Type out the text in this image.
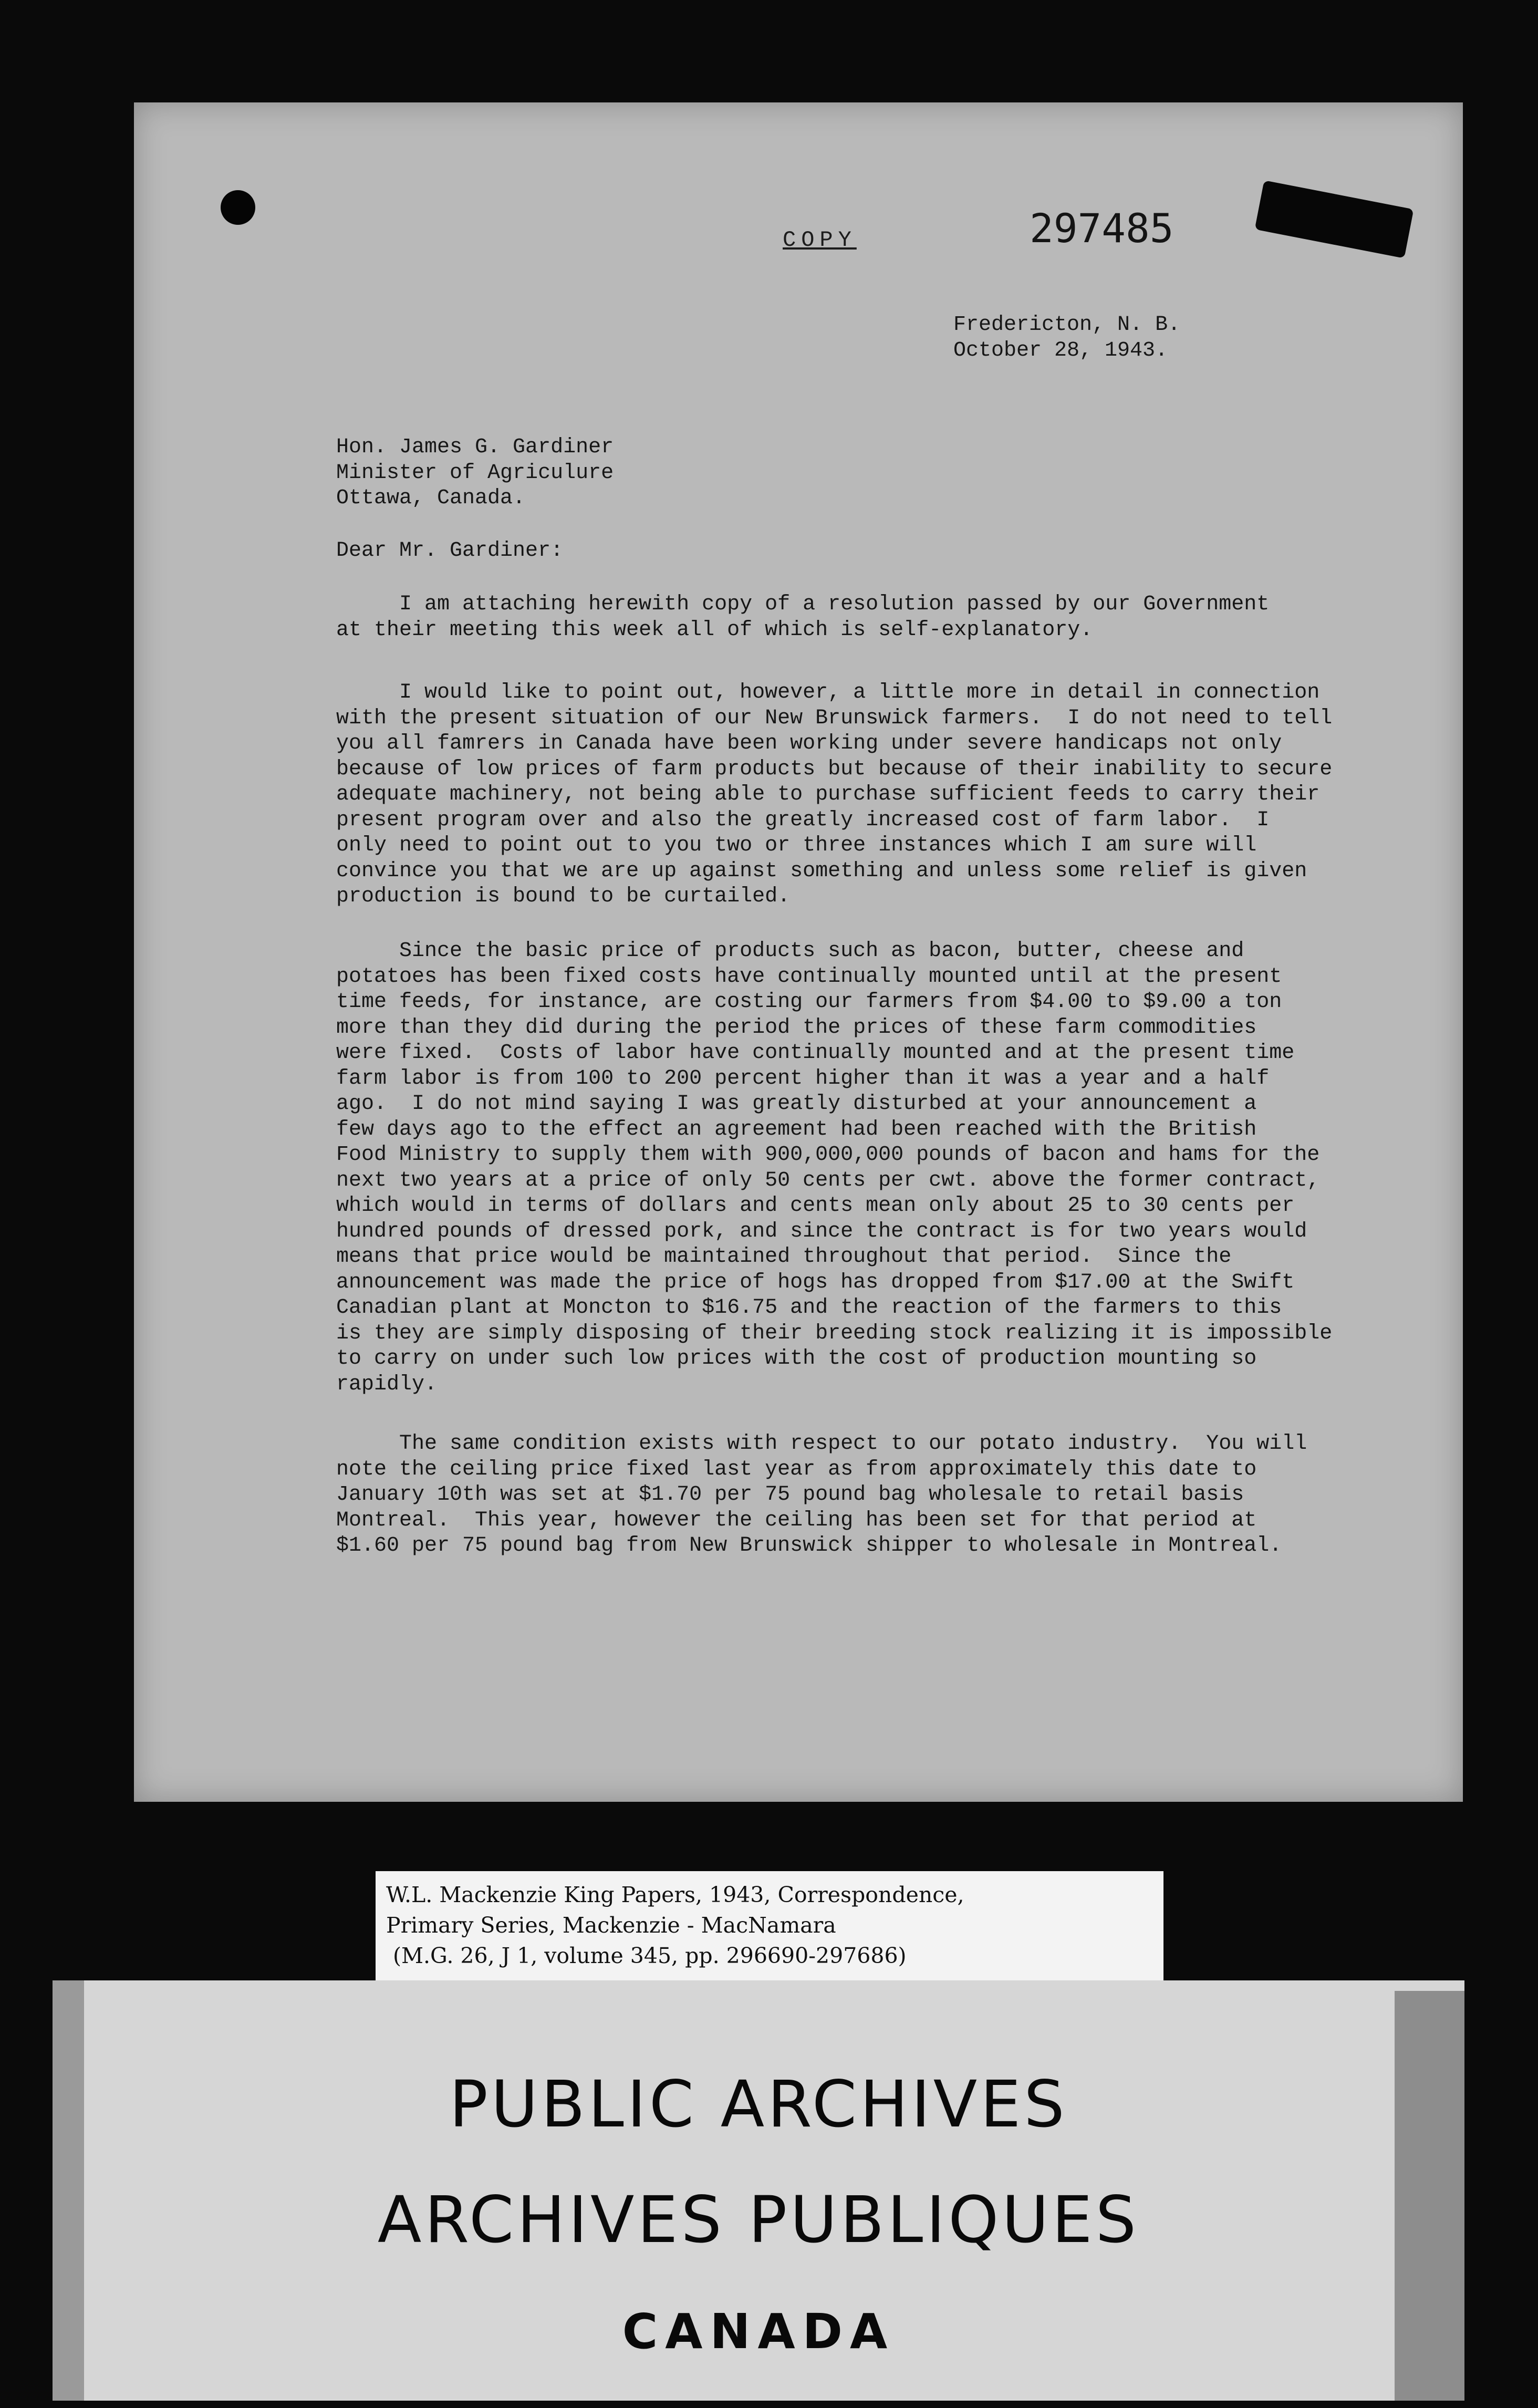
COPY	297485
Fredericton, N. B.
October 28, 1943.
Hon. James G. Gardiner
Minister of Agriculure
Ottawa, Canada.
Dear Mr. Gardiner:
I am attaching herewith copy of a resolution passed by our Government
at their meeting this week all of which is self-explanatory.
I would like to point out, however, a little more in detail in connection
with the present situation of our New Brunswick farmers.  I do not need to tell
you all famrers in Canada have been working under severe handicaps not only
because of low prices of farm products but because of their inability to secure
adequate machinery, not being able to purchase sufficient feeds to carry their
present program over and also the greatly increased cost of farm labor.  I
only need to point out to you two or three instances which I am sure will
convince you that we are up against something and unless some relief is given
production is bound to be curtailed.
Since the basic price of products such as bacon, butter, cheese and
potatoes has been fixed costs have continually mounted until at the present
time feeds, for instance, are costing our farmers from $4.00 to $9.00 a ton
more than they did during the period the prices of these farm commodities
were fixed.  Costs of labor have continually mounted and at the present time
farm labor is from 100 to 200 percent higher than it was a year and a half
ago.  I do not mind saying I was greatly disturbed at your announcement a
few days ago to the effect an agreement had been reached with the British
Food Ministry to supply them with 900,000,000 pounds of bacon and hams for the
next two years at a price of only 50 cents per cwt. above the former contract,
which would in terms of dollars and cents mean only about 25 to 30 cents per
hundred pounds of dressed pork, and since the contract is for two years would
means that price would be maintained throughout that period.  Since the
announcement was made the price of hogs has dropped from $17.00 at the Swift
Canadian plant at Moncton to $16.75 and the reaction of the farmers to this
is they are simply disposing of their breeding stock realizing it is impossible
to carry on under such low prices with the cost of production mounting so
rapidly.
The same condition exists with respect to our potato industry.  You will
note the ceiling price fixed last year as from approximately this date to
January 10th was set at $1.70 per 75 pound bag wholesale to retail basis
Montreal.  This year, however the ceiling has been set for that period at
$1.60 per 75 pound bag from New Brunswick shipper to wholesale in Montreal.
W.L. Mackenzie King Papers, 1943, Correspondence,
Primary Series, Mackenzie - MacNamara
(M.G. 26, J 1, volume 345, pp. 296690-297686)
PUBLIC ARCHIVES
ARCHIVES PUBLIQUES
CANADA
